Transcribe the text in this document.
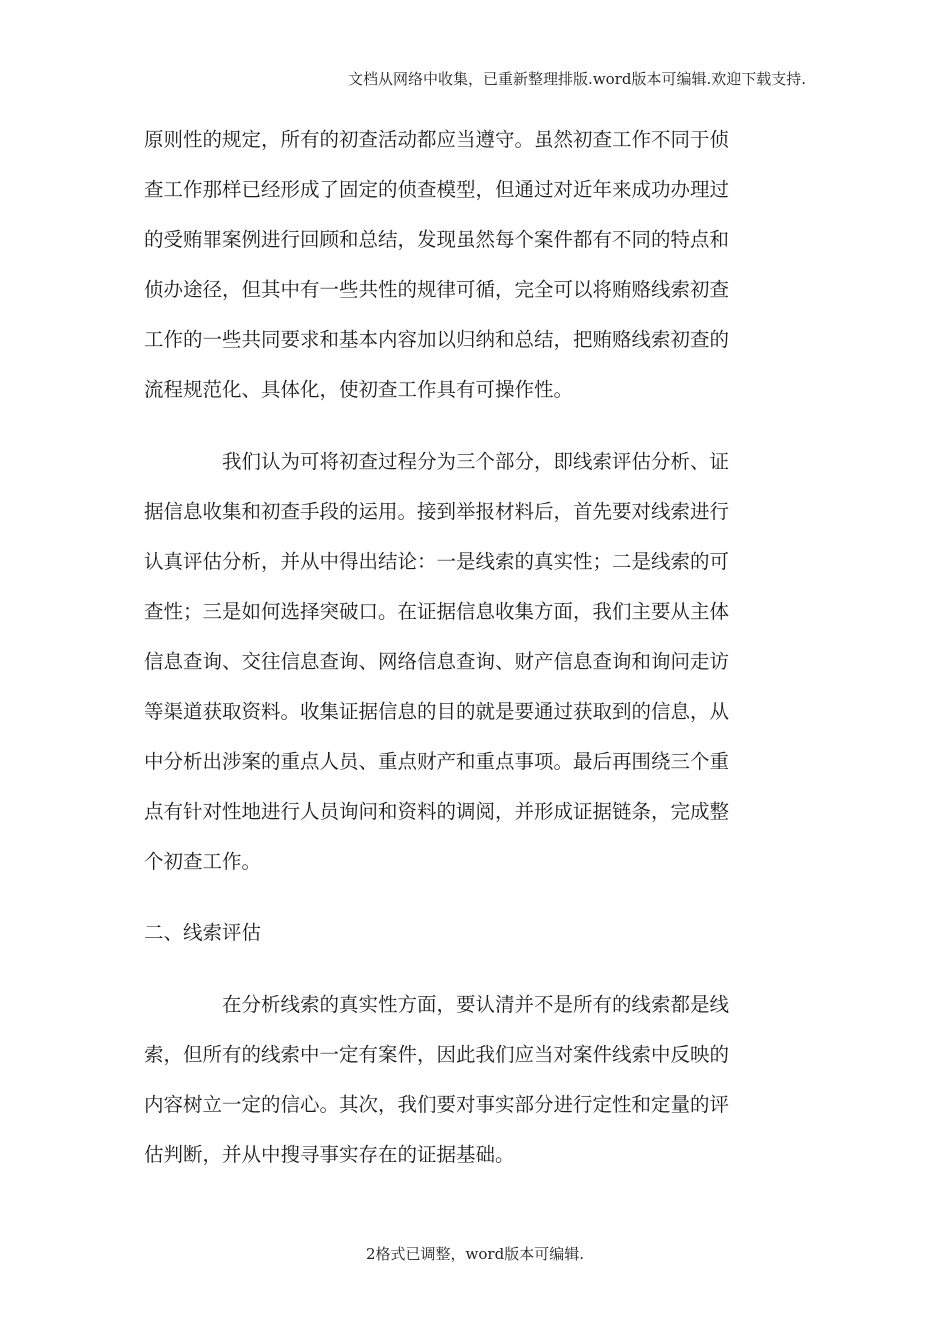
文档从网络中收集，已重新整理排版.word版本可编辑.欢迎下载支持.

原则性的规定，所有的初查活动都应当遵守。虽然初查工作不同于侦

查工作那样已经形成了固定的侦查模型，但通过对近年来成功办理过

的受贿罪案例进行回顾和总结，发现虽然每个案件都有不同的特点和

侦办途径，但其中有一些共性的规律可循，完全可以将贿赂线索初查

工作的一些共同要求和基本内容加以归纳和总结，把贿赂线索初查的

流程规范化、具体化，使初查工作具有可操作性。

我们认为可将初查过程分为三个部分，即线索评估分析、证

据信息收集和初查手段的运用。接到举报材料后，首先要对线索进行

认真评估分析，并从中得出结论：一是线索的真实性；二是线索的可

查性；三是如何选择突破口。在证据信息收集方面，我们主要从主体

信息查询、交往信息查询、网络信息查询、财产信息查询和询问走访

等渠道获取资料。收集证据信息的目的就是要通过获取到的信息，从

中分析出涉案的重点人员、重点财产和重点事项。最后再围绕三个重

点有针对性地进行人员询问和资料的调阅，并形成证据链条，完成整

个初查工作。

二、线索评估

在分析线索的真实性方面，要认清并不是所有的线索都是线

索，但所有的线索中一定有案件，因此我们应当对案件线索中反映的

内容树立一定的信心。其次，我们要对事实部分进行定性和定量的评

估判断，并从中搜寻事实存在的证据基础。

2格式已调整，word版本可编辑.
